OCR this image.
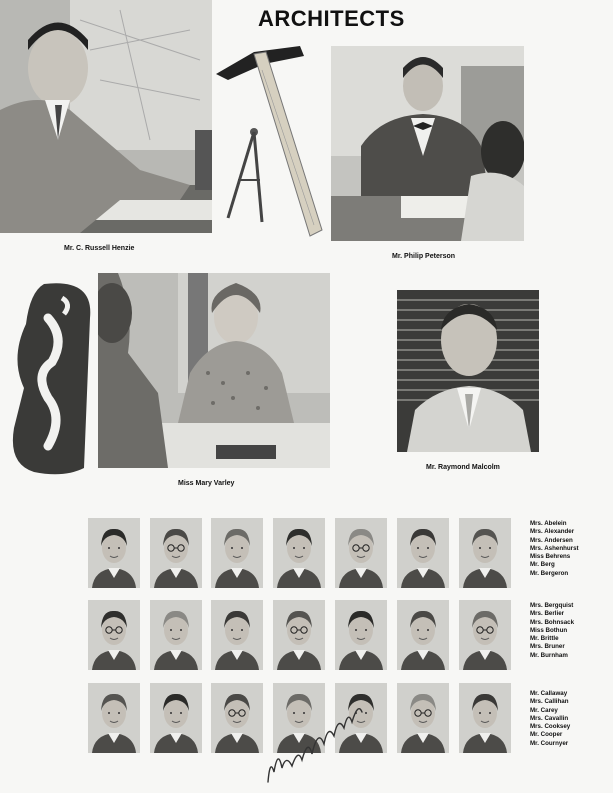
ARCHITECTS
Mr. C. Russell Henzie
Mr. Philip Peterson
Miss Mary Varley
Mr. Raymond Malcolm
Mrs. Abelein
Mrs. Alexander
Mrs. Andersen
Mrs. Ashenhurst
Miss Behrens
Mr. Berg
Mr. Bergeron
Mrs. Bergquist
Mrs. Berlier
Mrs. Bohnsack
Miss Bothun
Mr. Brittle
Mrs. Bruner
Mr. Burnham
Mr. Callaway
Mrs. Callihan
Mr. Carey
Mrs. Cavallin
Mrs. Cooksey
Mr. Cooper
Mr. Cournyer
